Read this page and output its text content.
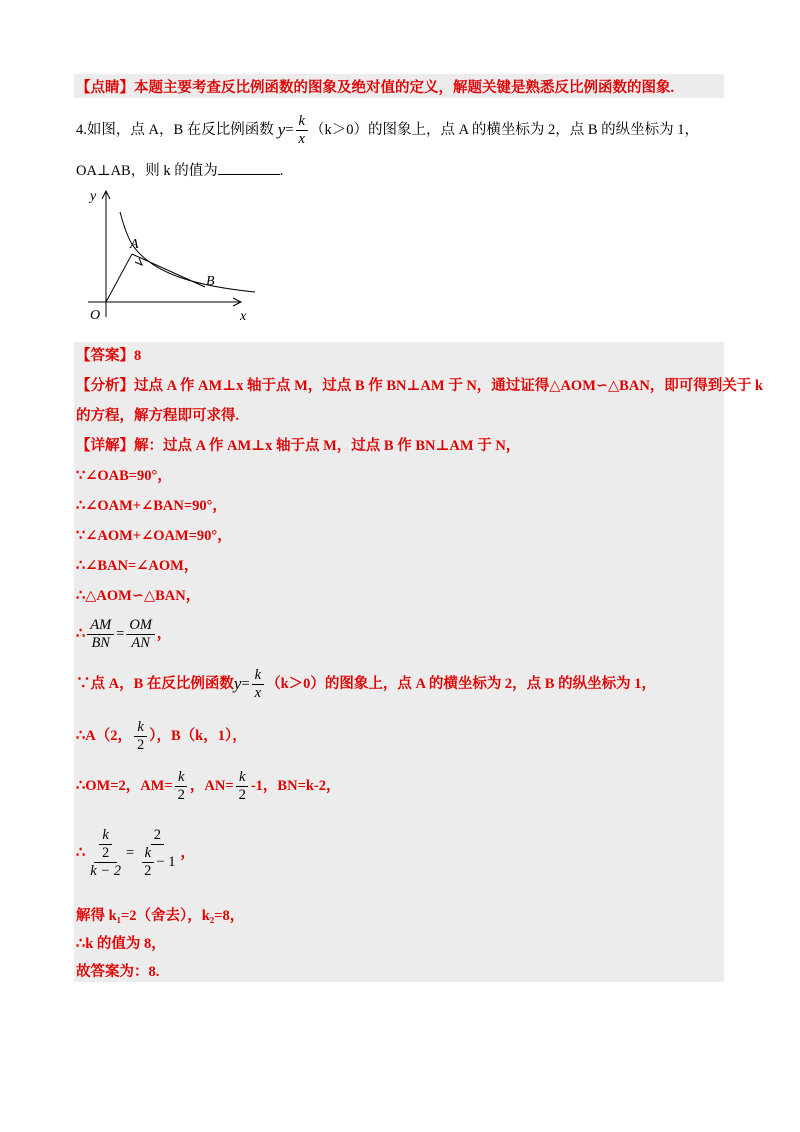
【点睛】本题主要考查反比例函数的图象及绝对值的定义，解题关键是熟悉反比例函数的图象.
4.如图，点 A，B 在反比例函数 $y = \frac{k}{x} (k>0)$的图象上，点 A 的横坐标为 2，点 B 的纵坐标为 1，
OA⊥AB，则 k 的值为	.
y
x
O
A
B
【答案】8
【分析】过点 A 作 AM⊥x 轴于点 M，过点 B 作 BN⊥AM 于 N，通过证得△AOM∽△BAN，即可得到关于 k
的方程，解方程即可求得.
【详解】解：过点 A 作 AM⊥x 轴于点 M，过点 B 作 BN⊥AM 于 N，
∵∠OAB=90°，
∴∠OAM+∠BAN=90°，
∵∠AOM+∠OAM=90°，
∴∠BAN=∠AOM，
∴△AOM∽△BAN，
∴ $\frac{AM}{BN} = \frac{OM}{AN}$ ，
∵点 A，B 在反比例函数 $y = \frac{k}{x} (k>0)$的图象上，点 A 的横坐标为 2，点 B 的纵坐标为 1，
∴A（2， $\frac{k}{2}$ ），B（k，1），
∴OM=2，$AM= \frac{k}{2}$ ，$AN= \frac{k}{2} -1$，BN=k-2，
∴ $\frac{\frac{k}{2}}{k - 2} = \frac{2}{\frac{k}{2} - 1}$ ，
解得 k₁=2（舍去），k₂=8，
∴k 的值为 8，
故答案为：8.
